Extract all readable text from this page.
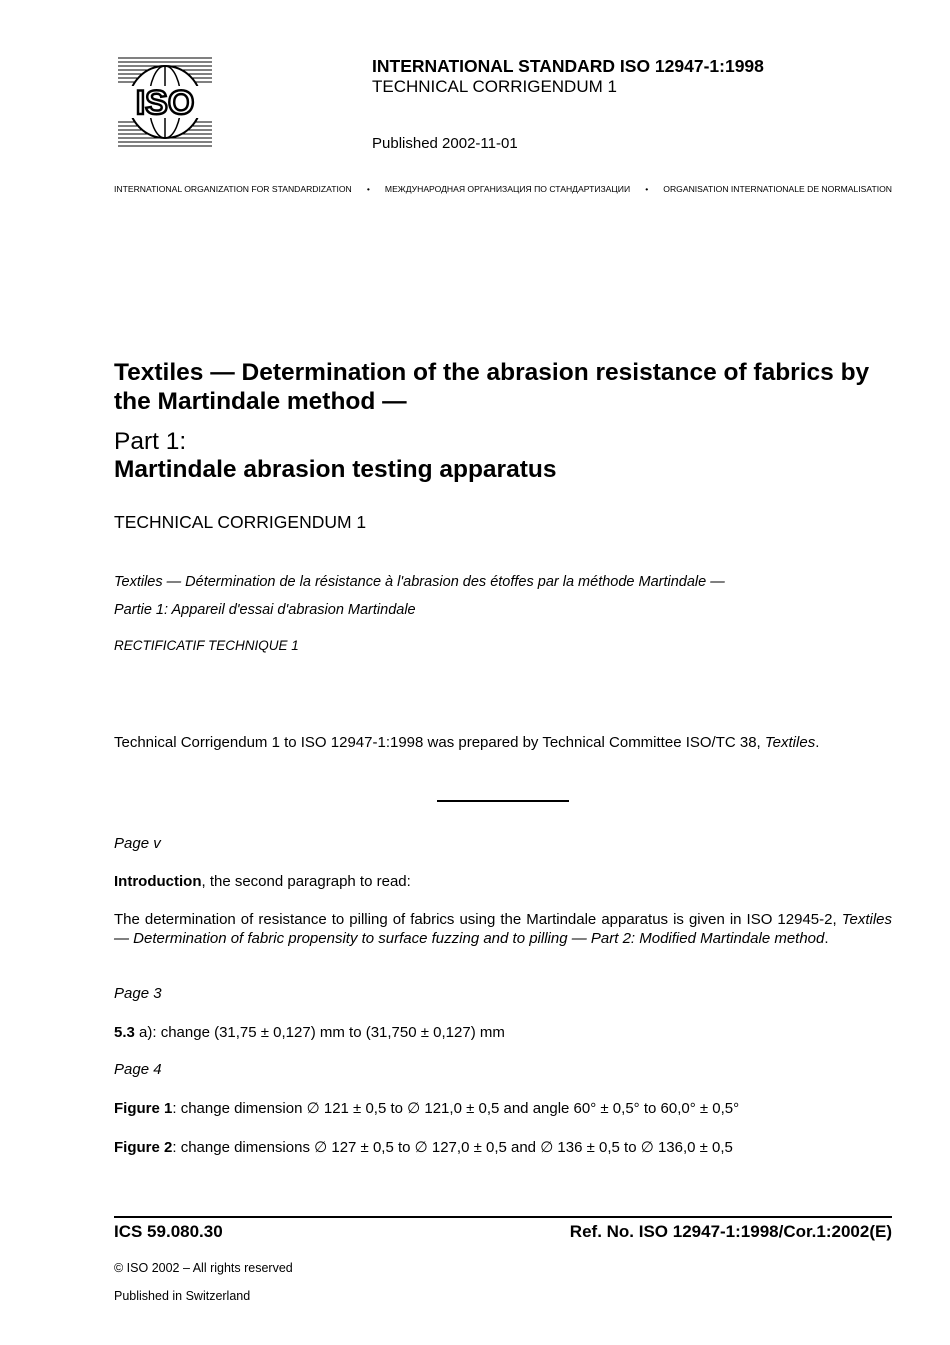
ISO
INTERNATIONAL STANDARD ISO 12947-1:1998
TECHNICAL CORRIGENDUM 1
Published 2002-11-01
INTERNATIONAL ORGANIZATION FOR STANDARDIZATION	•	МЕЖДУНАРОДНАЯ ОРГАНИЗАЦИЯ ПО СТАНДАРТИЗАЦИИ	•	ORGANISATION INTERNATIONALE DE NORMALISATION
Textiles — Determination of the abrasion resistance of fabrics by the Martindale method —
Part 1:
Martindale abrasion testing apparatus
TECHNICAL CORRIGENDUM 1
Textiles — Détermination de la résistance à l'abrasion des étoffes par la méthode Martindale —
Partie 1: Appareil d'essai d'abrasion Martindale
RECTIFICATIF TECHNIQUE 1
Technical Corrigendum 1 to ISO 12947-1:1998 was prepared by Technical Committee ISO/TC 38, Textiles.
Page v
Introduction, the second paragraph to read:
The determination of resistance to pilling of fabrics using the Martindale apparatus is given in ISO 12945-2, Textiles — Determination of fabric propensity to surface fuzzing and to pilling — Part 2: Modified Martindale method.
Page 3
5.3 a): change (31,75 ± 0,127) mm to (31,750 ± 0,127) mm
Page 4
Figure 1: change dimension ∅ 121 ± 0,5 to ∅ 121,0 ± 0,5 and angle 60° ± 0,5° to 60,0° ± 0,5°
Figure 2: change dimensions ∅ 127 ± 0,5 to ∅ 127,0 ± 0,5 and ∅ 136 ± 0,5 to ∅ 136,0 ± 0,5
ICS 59.080.30	Ref. No. ISO 12947-1:1998/Cor.1:2002(E)
© ISO 2002 – All rights reserved
Published in Switzerland
